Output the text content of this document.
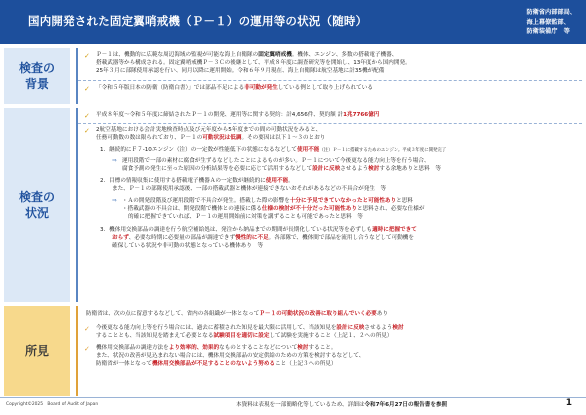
国内開発された固定翼哨戒機（Ｐ－１）の運用等の状況（随時）
防衛省内部部局、
海上幕僚監部、
防衛装備庁　等
検査の
背景
✓ Ｐ－１は、機動的に広範な周辺海域の監視が可能な海上自衛隊の固定翼哨戒機。機体、エンジン、多数の搭載電子機器、
搭載武器等から構成される。固定翼哨戒機Ｐ－３Ｃの後継として、平成８年度に調査研究等を開始し、13年度から国内開発。
25年３月に部隊使用承認を行い、同月以降に運用開始。令和６年９月現在、海上自衛隊は航空基地に計35機が配備
✓ 「令和５年版日本の防衛（防衛白書）」では部品不足による非可動が発生している例として取り上げられている
検査の
状況
✓ 平成８年度～令和５年度に締結されたＰ－１の開発、運用等に関する契約：計4,656件、契約額 計1兆7766億円
✓ 2航空基地における会計実地検査時点及び元年度から5年度までの間の可動状況をみると、
任務可動数の数は限られており、Ｐ－１の可動状況は低調。その要因は以下１～３のとおり
1．継続的にＦ７-10エンジン（注）の一定数が性能低下の状態になるなどして使用不能（注）Ｐ－１に搭載するためのエンジン。平成３年度に開発完了
⇒ 運用段階で一部の素材に腐食が生ずるなどしたことによるものが多い。Ｐ－１について今後更なる能力向上等を行う場合、
腐食予測の発生に至った原因の分析結果等を必要に応じて活用するなどして設計に反映させるよう検討する余地ありと思料　等
2．目標の情報収集に使用する搭載電子機器Ａの一定数が継続的に使用不能。
また、Ｐ－１の部隊使用承認後、一部の搭載武器と機体が連接できないおそれがあるなどの不具合が発生　等
⇒ ・Ａの開発段階及び運用段階で不具合が発生。搭載した際の影響を十分に予見できていなかったと可能性ありと思料
・搭載武器の不具合は、開発段階で機体との連接に係る仕様の検討が不十分だった可能性ありと思料され、必要な仕様が
的確に把握できていれば、Ｐ－１の運用開始前に対策を講ずることも可能であったと思料　等
3．機体用交換部品の調達を行う航空補給処は、発注から納品までの期間が長期化している状況等を必ずしも適時に把握できて
おらず、必要な時期に必要量の部品が調達できず慢性的に不足。各部隊で、機体間で部品を流用し合うなどして可動機を
確保している状況や非可動の状態となっている機体あり　等
所見
防衛省は、次の点に留意するなどして、省内の各組織が一体となってＰ－１の可動状況の改善に取り組んでいく必要あり
✓ 今後更なる能力向上等を行う場合には、過去に蓄積された知見を最大限に活用して、当該知見を設計に反映させるよう検討
することとも、当該知見を踏まえて必要となる試験項目を適切に設定して試験を実施すること（上記１、２への所見）
✓ 機体用交換部品の調達方法をより効率的、効果的なものとすることなどについて検討すること。
また、状況の改善が見込まれない場合には、機体用交換部品の安定供給のための方策を検討するなどして、
防衛省が一体となって機体用交換部品が不足することのないよう努めること（上記３への所見）
Copyright©2025　Board of Audit of Japan	本資料は表現を一部簡略化等しているため、詳細は令和7年6月27日の報告書を参照	1
